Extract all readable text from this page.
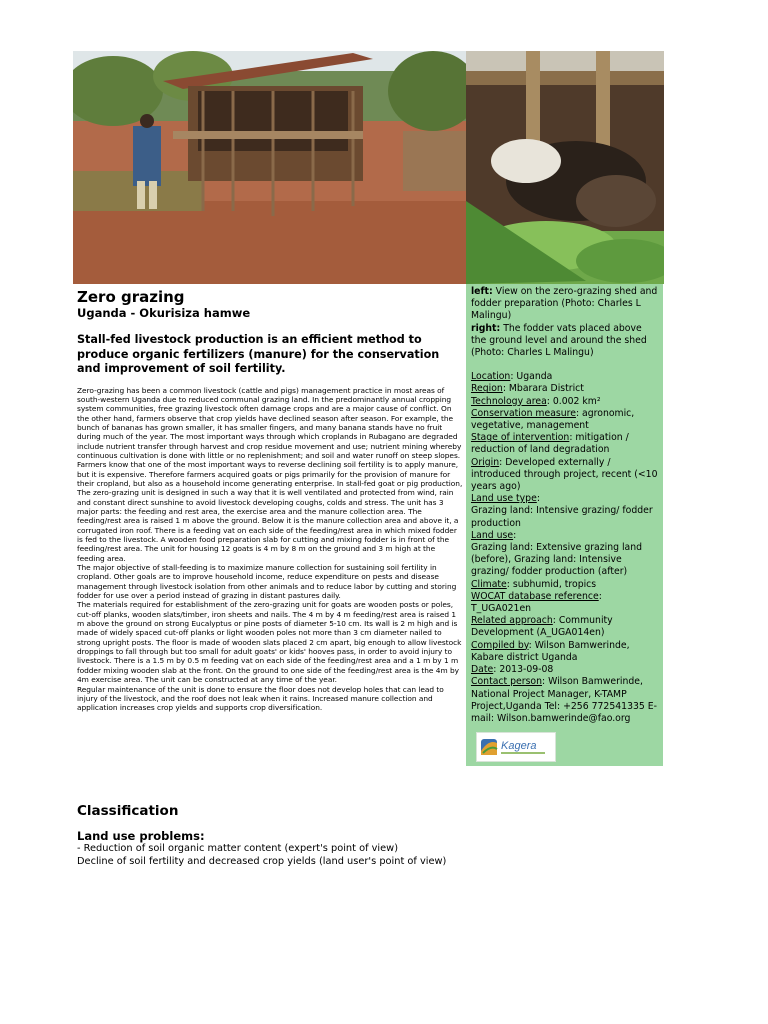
Zero grazing
Uganda - Okurisiza hamwe

Stall-fed livestock production is an efficient method to produce organic fertilizers (manure) for the conservation and improvement of soil fertility.

Zero-grazing has been a common livestock (cattle and pigs) management practice in most areas of south-western Uganda due to reduced communal grazing land. In the predominantly annual cropping system communities, free grazing livestock often damage crops and are a major cause of conflict. On the other hand, farmers observe that crop yields have declined season after season. For example, the bunch of bananas has grown smaller, it has smaller fingers, and many banana stands have no fruit during much of the year. The most important ways through which croplands in Rubagano are degraded include nutrient transfer through harvest and crop residue movement and use; nutrient mining whereby continuous cultivation is done with little or no replenishment; and soil and water runoff on steep slopes. Farmers know that one of the most important ways to reverse declining soil fertility is to apply manure, but it is expensive. Therefore farmers acquired goats or pigs primarily for the provision of manure for their cropland, but also as a household income generating enterprise. In stall-fed goat or pig production, The zero-grazing unit is designed in such a way that it is well ventilated and protected from wind, rain and constant direct sunshine to avoid livestock developing coughs, colds and stress. The unit has 3 major parts: the feeding and rest area, the exercise area and the manure collection area. The feeding/rest area is raised 1 m above the ground. Below it is the manure collection area and above it, a corrugated iron roof. There is a feeding vat on each side of the feeding/rest area in which mixed fodder is fed to the livestock. A wooden food preparation slab for cutting and mixing fodder is in front of the feeding/rest area. The unit for housing 12 goats is 4 m by 8 m on the ground and 3 m high at the feeding area.

The major objective of stall-feeding is to maximize manure collection for sustaining soil fertility in cropland. Other goals are to improve household income, reduce expenditure on pests and disease management through livestock isolation from other animals and to reduce labor by cutting and storing fodder for use over a period instead of grazing in distant pastures daily.

The materials required for establishment of the zero-grazing unit for goats are wooden posts or poles, cut-off planks, wooden slats/timber, iron sheets and nails. The 4 m by 4 m feeding/rest area is raised 1 m above the ground on strong Eucalyptus or pine posts of diameter 5-10 cm. Its wall is 2 m high and is made of widely spaced cut-off planks or light wooden poles not more than 3 cm diameter nailed to strong upright posts. The floor is made of wooden slats placed 2 cm apart, big enough to allow livestock droppings to fall through but too small for adult goats' or kids' hooves pass, in order to avoid injury to livestock. There is a 1.5 m by 0.5 m feeding vat on each side of the feeding/rest area and a 1 m by 1 m fodder mixing wooden slab at the front. On the ground to one side of the feeding/rest area is the 4m by 4m exercise area. The unit can be constructed at any time of the year.

Regular maintenance of the unit is done to ensure the floor does not develop holes that can lead to injury of the livestock, and the roof does not leak when it rains. Increased manure collection and application increases crop yields and supports crop diversification.

left: View on the zero-grazing shed and fodder preparation (Photo: Charles L Malingu)

right: The fodder vats placed above the ground level and around the shed (Photo: Charles L Malingu)

Location: Uganda

Region: Mbarara District

Technology area: 0.002 km²

Conservation measure: agronomic, vegetative, management

Stage of intervention: mitigation / reduction of land degradation

Origin: Developed externally / introduced through project, recent (<10 years ago)

Land use type:

Grazing land: Intensive grazing/ fodder production

Land use:

Grazing land: Extensive grazing land (before), Grazing land: Intensive grazing/ fodder production (after)

Climate: subhumid, tropics

WOCAT database reference:

T_UGA021en

Related approach: Community Development (A_UGA014en)

Compiled by: Wilson Bamwerinde, Kabare district Uganda

Date: 2013-09-08

Contact person: Wilson Bamwerinde, National Project Manager, K-TAMP Project,Uganda Tel: +256 772541335 E-mail: Wilson.bamwerinde@fao.org

Kagera
Classification
Land use problems:

- Reduction of soil organic matter content (expert's point of view)

Decline of soil fertility and decreased crop yields (land user's point of view)
